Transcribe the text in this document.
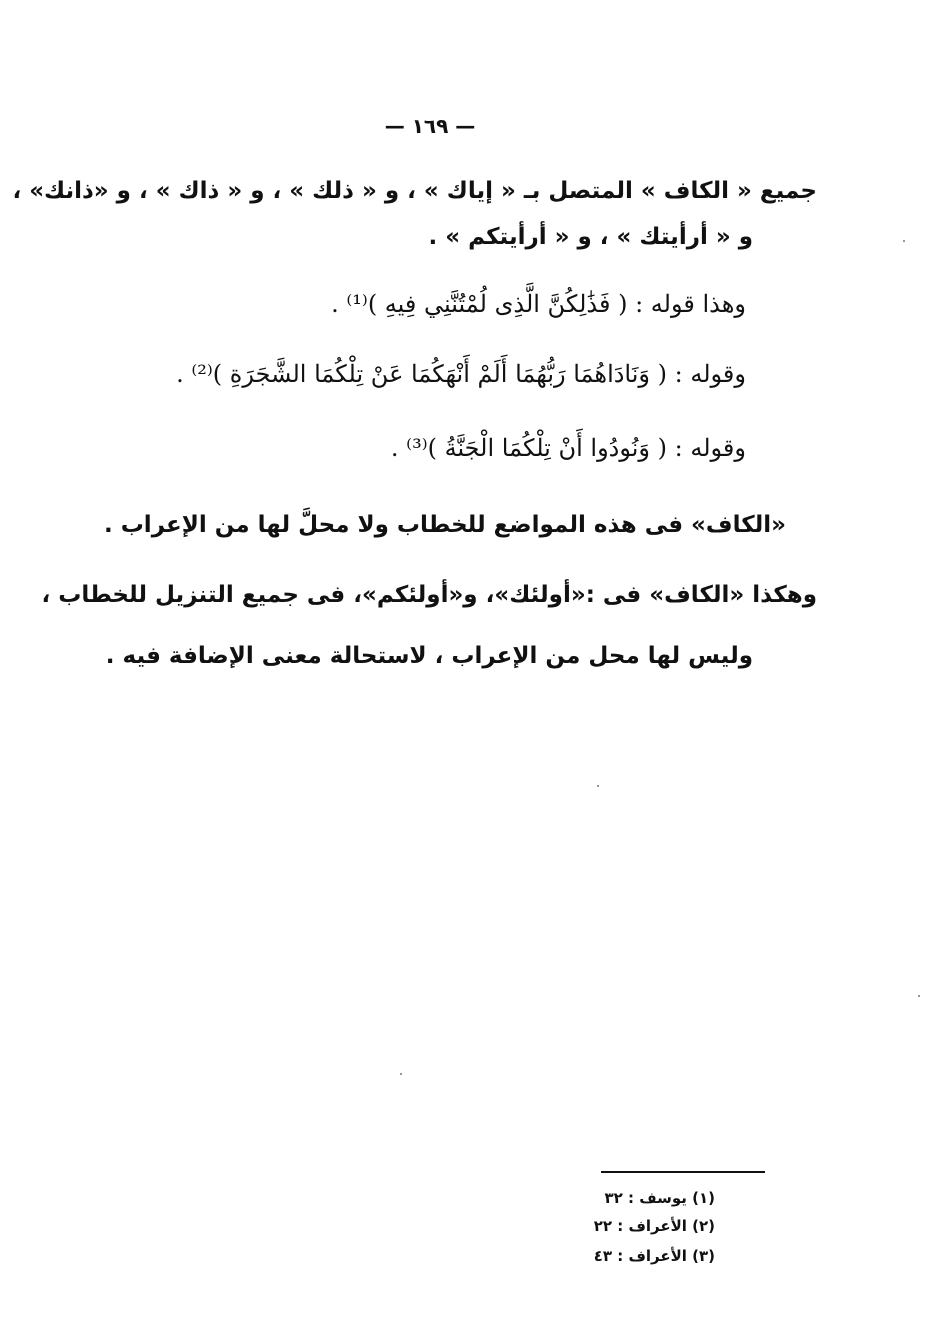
— ١٦٩ —
جميع « الكاف » المتصل بـ « إياك » ، و « ذلك » ، و « ذاك » ، و «ذانك» ،
و « أرأيتك » ، و « أرأيتكم » .
وهذا قوله : ( فَذَٰلِكُنَّ الَّذِى لُمْتُنَّنِي فِيهِ )⁽¹⁾ .
وقوله : ( وَنَادَاهُمَا رَبُّهُمَا أَلَمْ أَنْهَكُمَا عَنْ تِلْكُمَا الشَّجَرَةِ )⁽²⁾ .
وقوله : ( وَنُودُوا أَنْ تِلْكُمَا الْجَنَّةُ )⁽³⁾ .
«الكاف» فى هذه المواضع للخطاب ولا محلَّ لها من الإعراب .
وهكذا «الكاف» فى :«أولئك»، و«أولئكم»، فى جميع التنزيل للخطاب ،
وليس لها محل من الإعراب ، لاستحالة معنى الإضافة فيه .
(١) يوسف : ٣٢
(٢) الأعراف : ٢٢
(٣) الأعراف : ٤٣
